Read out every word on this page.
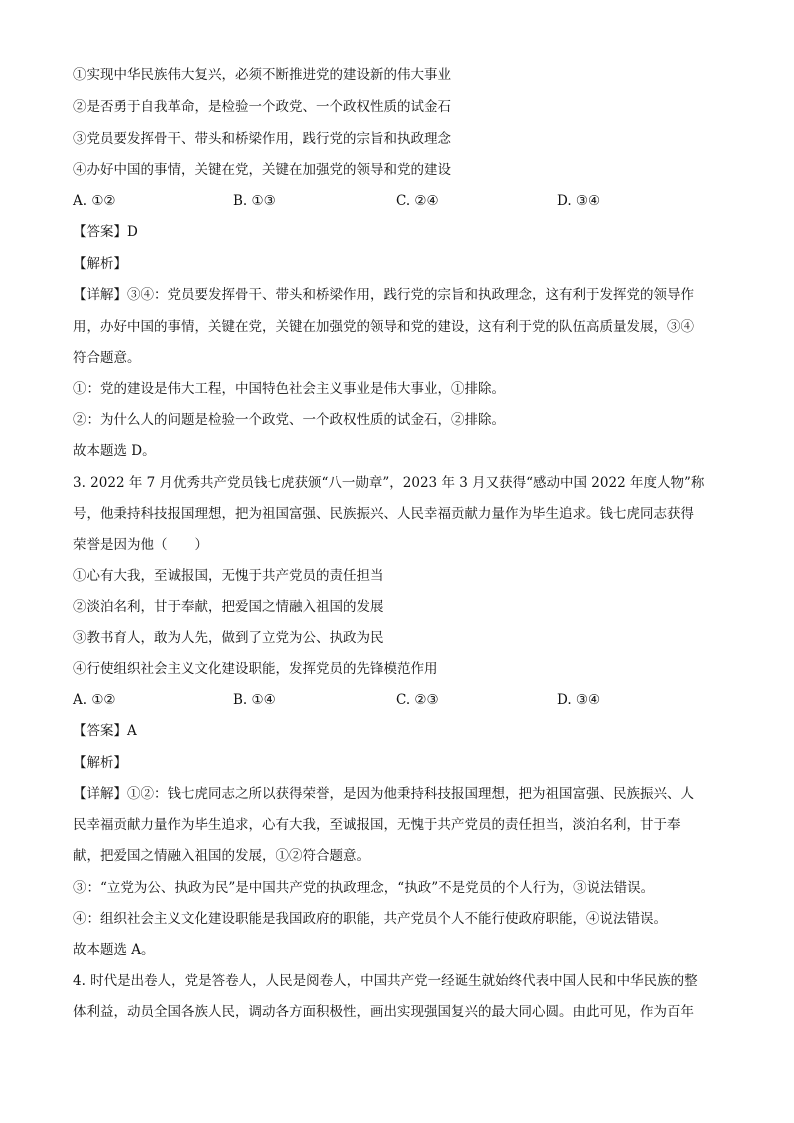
①实现中华民族伟大复兴，必须不断推进党的建设新的伟大事业
②是否勇于自我革命，是检验一个政党、一个政权性质的试金石
③党员要发挥骨干、带头和桥梁作用，践行党的宗旨和执政理念
④办好中国的事情，关键在党，关键在加强党的领导和党的建设
A. ①②	B. ①③	C. ②④	D. ③④
【答案】D
【解析】
【详解】③④：党员要发挥骨干、带头和桥梁作用，践行党的宗旨和执政理念，这有利于发挥党的领导作
用，办好中国的事情，关键在党，关键在加强党的领导和党的建设，这有利于党的队伍高质量发展，③④
符合题意。
①：党的建设是伟大工程，中国特色社会主义事业是伟大事业，①排除。
②：为什么人的问题是检验一个政党、一个政权性质的试金石，②排除。
故本题选 D。
3. 2022 年 7 月优秀共产党员钱七虎获颁“八一勋章”，2023 年 3 月又获得“感动中国 2022 年度人物”称
号，他秉持科技报国理想，把为祖国富强、民族振兴、人民幸福贡献力量作为毕生追求。钱七虎同志获得
荣誉是因为他（　　）
①心有大我，至诚报国，无愧于共产党员的责任担当
②淡泊名利，甘于奉献，把爱国之情融入祖国的发展
③教书育人，敢为人先，做到了立党为公、执政为民
④行使组织社会主义文化建设职能，发挥党员的先锋模范作用
A. ①②	B. ①④	C. ②③	D. ③④
【答案】A
【解析】
【详解】①②：钱七虎同志之所以获得荣誉，是因为他秉持科技报国理想，把为祖国富强、民族振兴、人
民幸福贡献力量作为毕生追求，心有大我，至诚报国，无愧于共产党员的责任担当，淡泊名利，甘于奉
献，把爱国之情融入祖国的发展，①②符合题意。
③：“立党为公、执政为民”是中国共产党的执政理念，“执政”不是党员的个人行为，③说法错误。
④：组织社会主义文化建设职能是我国政府的职能，共产党员个人不能行使政府职能，④说法错误。
故本题选 A。
4. 时代是出卷人，党是答卷人，人民是阅卷人，中国共产党一经诞生就始终代表中国人民和中华民族的整
体利益，动员全国各族人民，调动各方面积极性，画出实现强国复兴的最大同心圆。由此可见，作为百年
